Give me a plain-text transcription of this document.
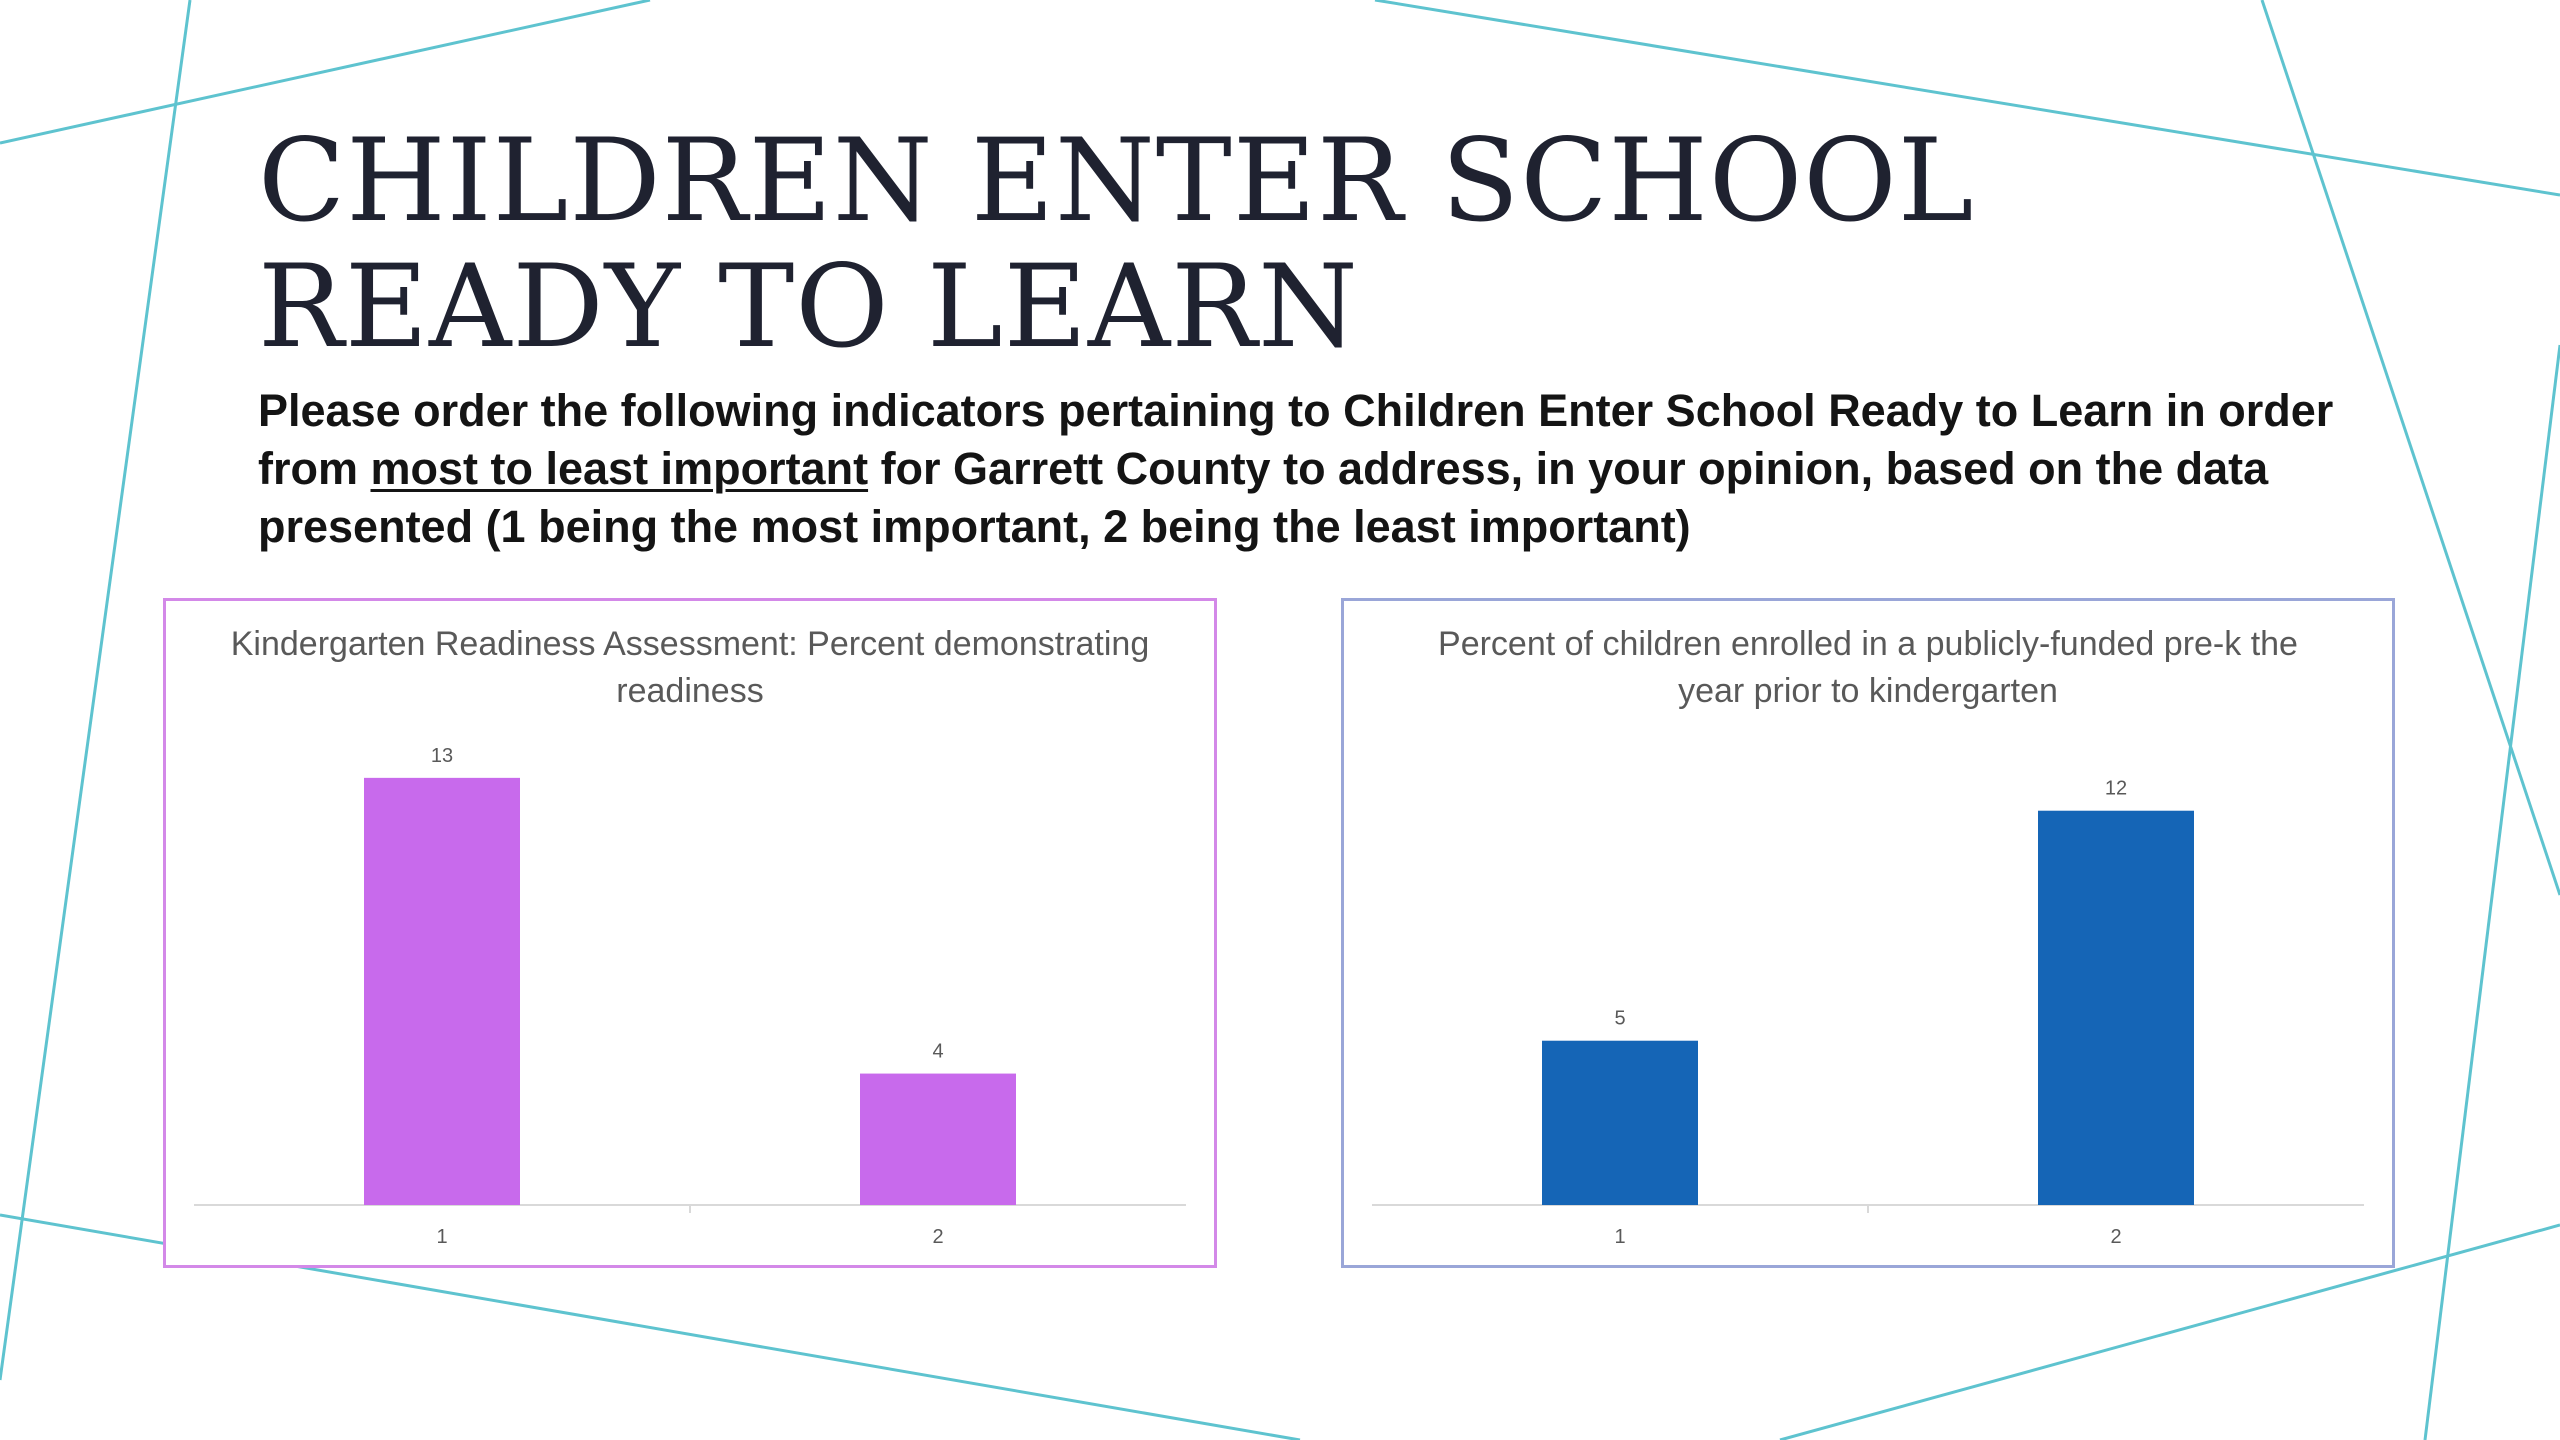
CHILDREN ENTER SCHOOL READY TO LEARN

Please order the following indicators pertaining to Children Enter School Ready to Learn in order from most to least important for Garrett County to address, in your opinion, based on the data presented (1 being the most important, 2 being the least important)

Kindergarten Readiness Assessment: Percent demonstrating readiness
13
1
4
2
Percent of children enrolled in a publicly-funded pre-k the year prior to kindergarten
5
1
12
2
